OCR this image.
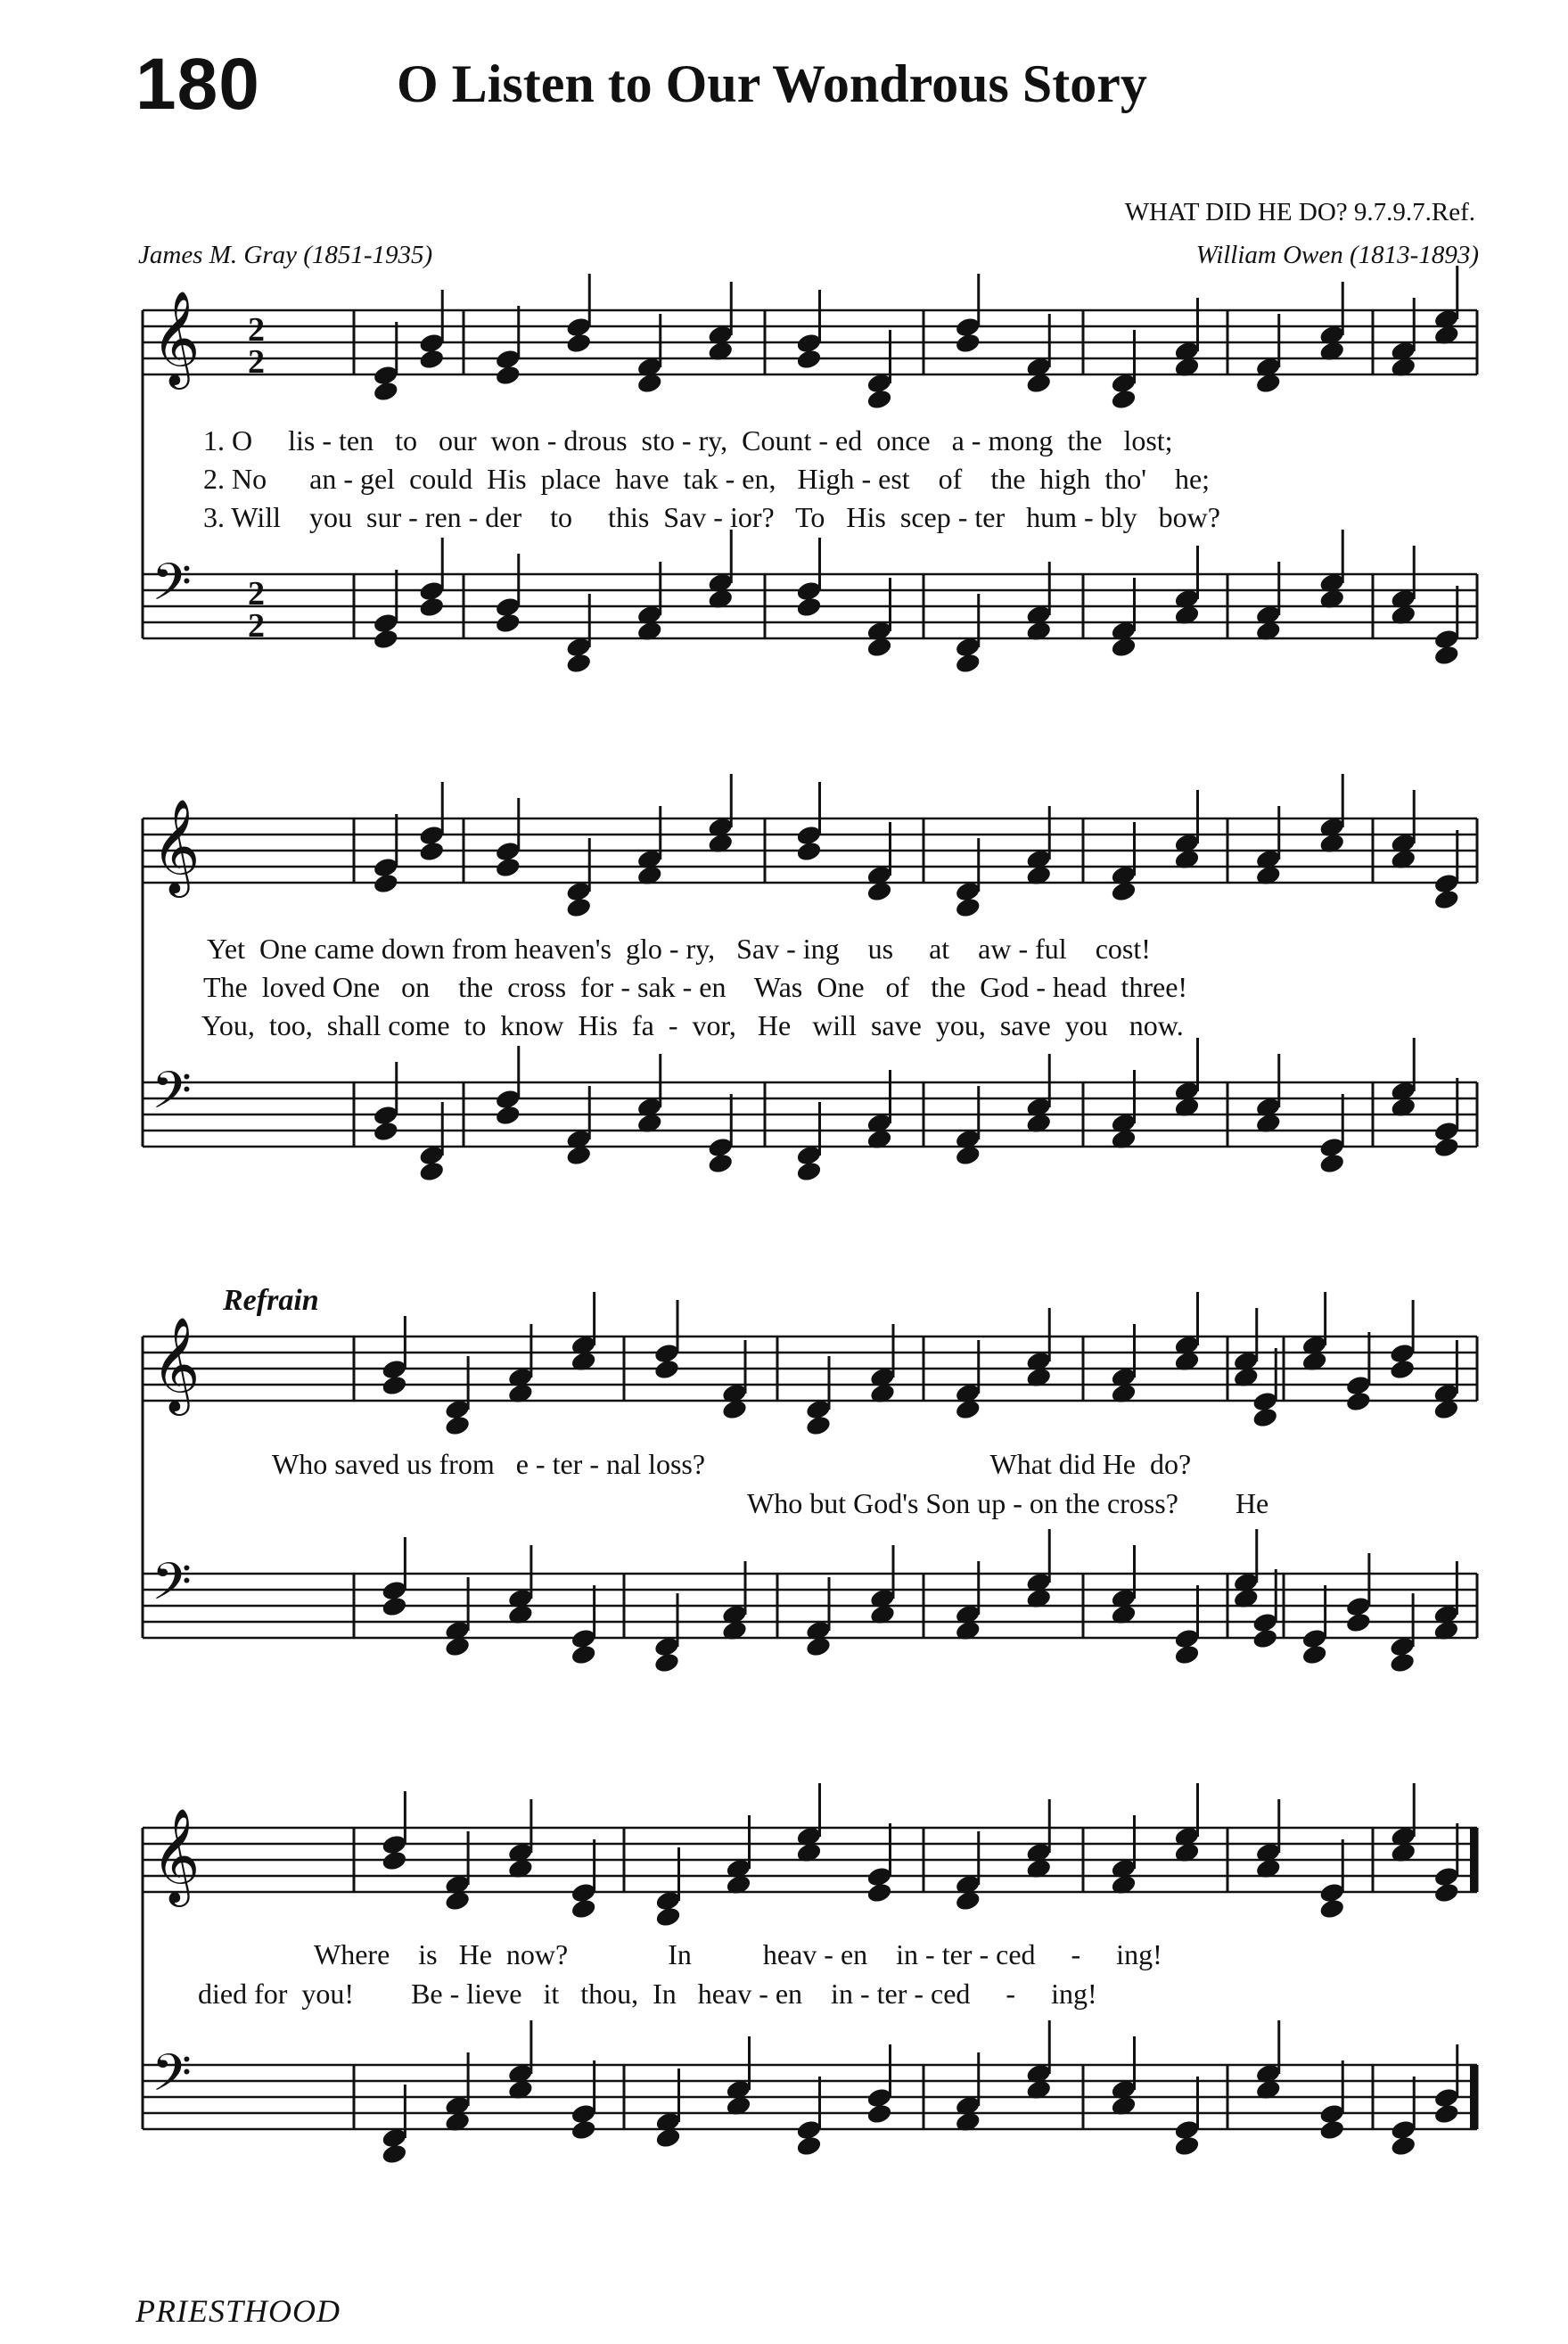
180	O Listen to Our Wondrous Story
WHAT DID HE DO? 9.7.9.7.Ref.
James M. Gray (1851-1935)	William Owen (1813-1893)
𝄞
𝄢
2
2
2
2
𝄞
𝄢
𝄞
𝄢
𝄞
𝄢
1. O     lis - ten   to   our  won - drous  sto - ry,  Count - ed  once   a - mong  the   lost;
2. No      an - gel  could  His  place  have  tak - en,   High - est    of    the  high  tho'    he;
3. Will    you  sur - ren - der    to     this  Sav - ior?   To   His  scep - ter   hum - bly   bow?
Yet  One came down from heaven's  glo - ry,   Sav - ing    us     at    aw - ful    cost!
The  loved One   on    the  cross  for - sak - en    Was  One   of   the  God - head  three!
You,  too,  shall come  to  know  His  fa  -  vor,   He   will  save  you,  save  you   now.
Refrain
Who saved us from   e - ter - nal loss?                                        What did He  do?
Who but God's Son up - on the cross?        He
Where    is   He  now?              In          heav - en    in - ter - ced     -     ing!
died for  you!        Be - lieve   it   thou,  In   heav - en    in - ter - ced     -     ing!
PRIESTHOOD
